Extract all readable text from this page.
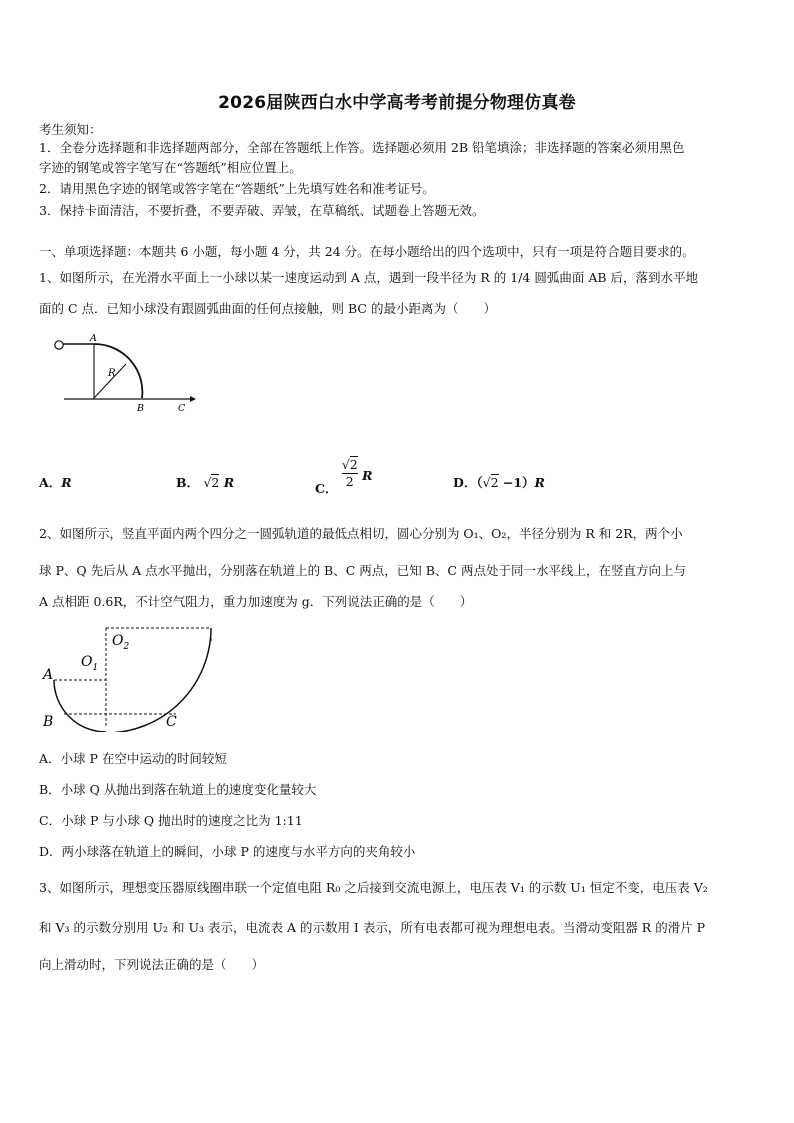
2026届陕西白水中学高考考前提分物理仿真卷
考生须知：
1．全卷分选择题和非选择题两部分，全部在答题纸上作答。选择题必须用 2B 铅笔填涂；非选择题的答案必须用黑色
字迹的钢笔或答字笔写在“答题纸”相应位置上。
2．请用黑色字迹的钢笔或答字笔在“答题纸”上先填写姓名和准考证号。
3．保持卡面清洁，不要折叠，不要弄破、弄皱，在草稿纸、试题卷上答题无效。
一、单项选择题：本题共 6 小题，每小题 4 分，共 24 分。在每小题给出的四个选项中，只有一项是符合题目要求的。
1、如图所示，在光滑水平面上一小球以某一速度运动到 A 点，遇到一段半径为 R 的 1/4 圆弧曲面 AB 后，落到水平地
面的 C 点．已知小球没有跟圆弧曲面的任何点接触，则 BC 的最小距离为（　　）
A
R
B	C
A．R	B． √2 R	C． $\frac{√2}{2}$ R	D．（√2 −1）R
2、如图所示，竖直平面内两个四分之一圆弧轨道的最低点相切，圆心分别为 O₁、O₂，半径分别为 R 和 2R，两个小
球 P、Q 先后从 A 点水平抛出，分别落在轨道上的 B、C 两点，已知 B、C 两点处于同一水平线上，在竖直方向上与
A 点相距 0.6R，不计空气阻力，重力加速度为 g．下列说法正确的是（　　）
A
$O_1$
$O_2$
B	C
A．小球 P 在空中运动的时间较短
B．小球 Q 从抛出到落在轨道上的速度变化量较大
C．小球 P 与小球 Q 抛出时的速度之比为 1:11
D．两小球落在轨道上的瞬间，小球 P 的速度与水平方向的夹角较小
3、如图所示，理想变压器原线圈串联一个定值电阻 R₀ 之后接到交流电源上，电压表 V₁ 的示数 U₁ 恒定不变，电压表 V₂
和 V₃ 的示数分别用 U₂ 和 U₃ 表示，电流表 A 的示数用 I 表示，所有电表都可视为理想电表。当滑动变阻器 R 的滑片 P
向上滑动时，下列说法正确的是（　　）
